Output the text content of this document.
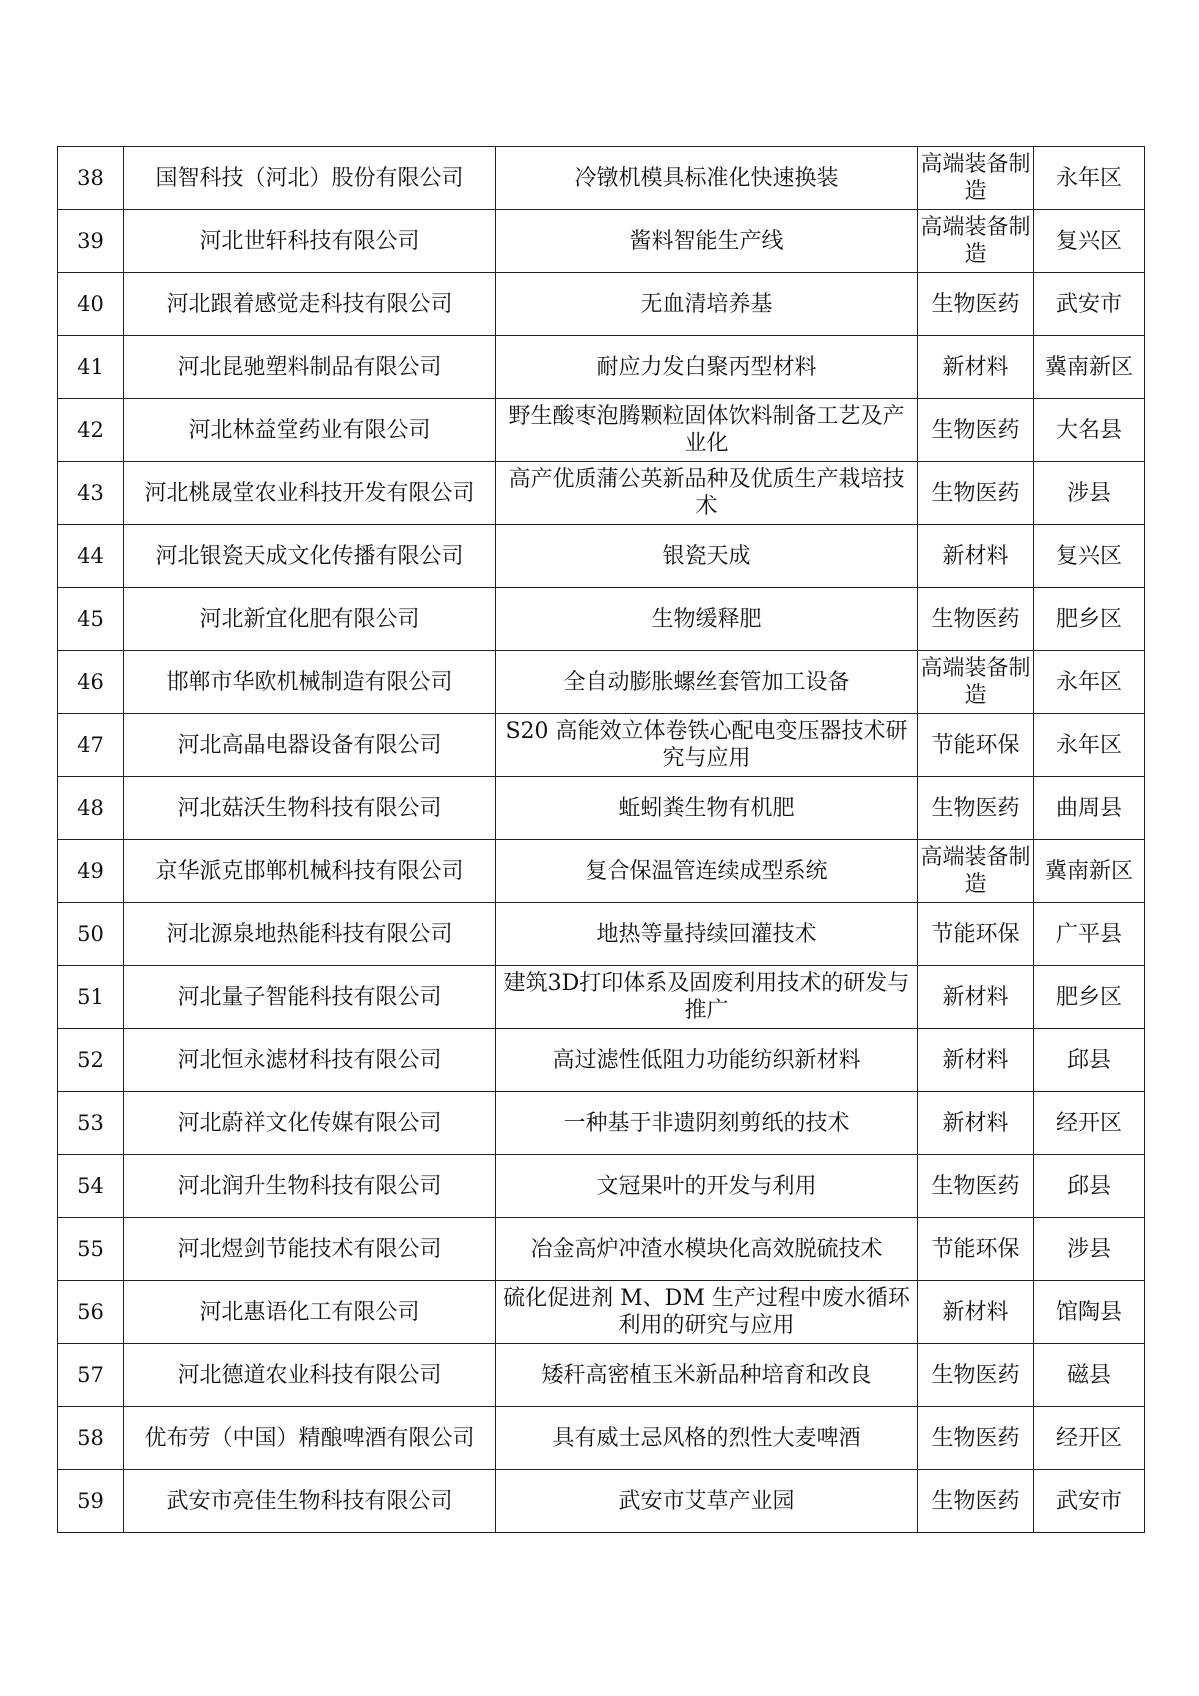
38	国智科技（河北）股份有限公司	冷镦机模具标准化快速换装	高端装备制造	永年区
39	河北世轩科技有限公司	酱料智能生产线	高端装备制造	复兴区
40	河北跟着感觉走科技有限公司	无血清培养基	生物医药	武安市
41	河北昆驰塑料制品有限公司	耐应力发白聚丙型材料	新材料	冀南新区
42	河北林益堂药业有限公司	野生酸枣泡腾颗粒固体饮料制备工艺及产业化	生物医药	大名县
43	河北桃晟堂农业科技开发有限公司	高产优质蒲公英新品种及优质生产栽培技术	生物医药	涉县
44	河北银瓷天成文化传播有限公司	银瓷天成	新材料	复兴区
45	河北新宜化肥有限公司	生物缓释肥	生物医药	肥乡区
46	邯郸市华欧机械制造有限公司	全自动膨胀螺丝套管加工设备	高端装备制造	永年区
47	河北高晶电器设备有限公司	S20 高能效立体卷铁心配电变压器技术研究与应用	节能环保	永年区
48	河北菇沃生物科技有限公司	蚯蚓粪生物有机肥	生物医药	曲周县
49	京华派克邯郸机械科技有限公司	复合保温管连续成型系统	高端装备制造	冀南新区
50	河北源泉地热能科技有限公司	地热等量持续回灌技术	节能环保	广平县
51	河北量子智能科技有限公司	建筑3D打印体系及固废利用技术的研发与推广	新材料	肥乡区
52	河北恒永滤材科技有限公司	高过滤性低阻力功能纺织新材料	新材料	邱县
53	河北蔚祥文化传媒有限公司	一种基于非遗阴刻剪纸的技术	新材料	经开区
54	河北润升生物科技有限公司	文冠果叶的开发与利用	生物医药	邱县
55	河北煜剑节能技术有限公司	冶金高炉冲渣水模块化高效脱硫技术	节能环保	涉县
56	河北惠语化工有限公司	硫化促进剂 M、DM 生产过程中废水循环利用的研究与应用	新材料	馆陶县
57	河北德道农业科技有限公司	矮秆高密植玉米新品种培育和改良	生物医药	磁县
58	优布劳（中国）精酿啤酒有限公司	具有威士忌风格的烈性大麦啤酒	生物医药	经开区
59	武安市亮佳生物科技有限公司	武安市艾草产业园	生物医药	武安市
